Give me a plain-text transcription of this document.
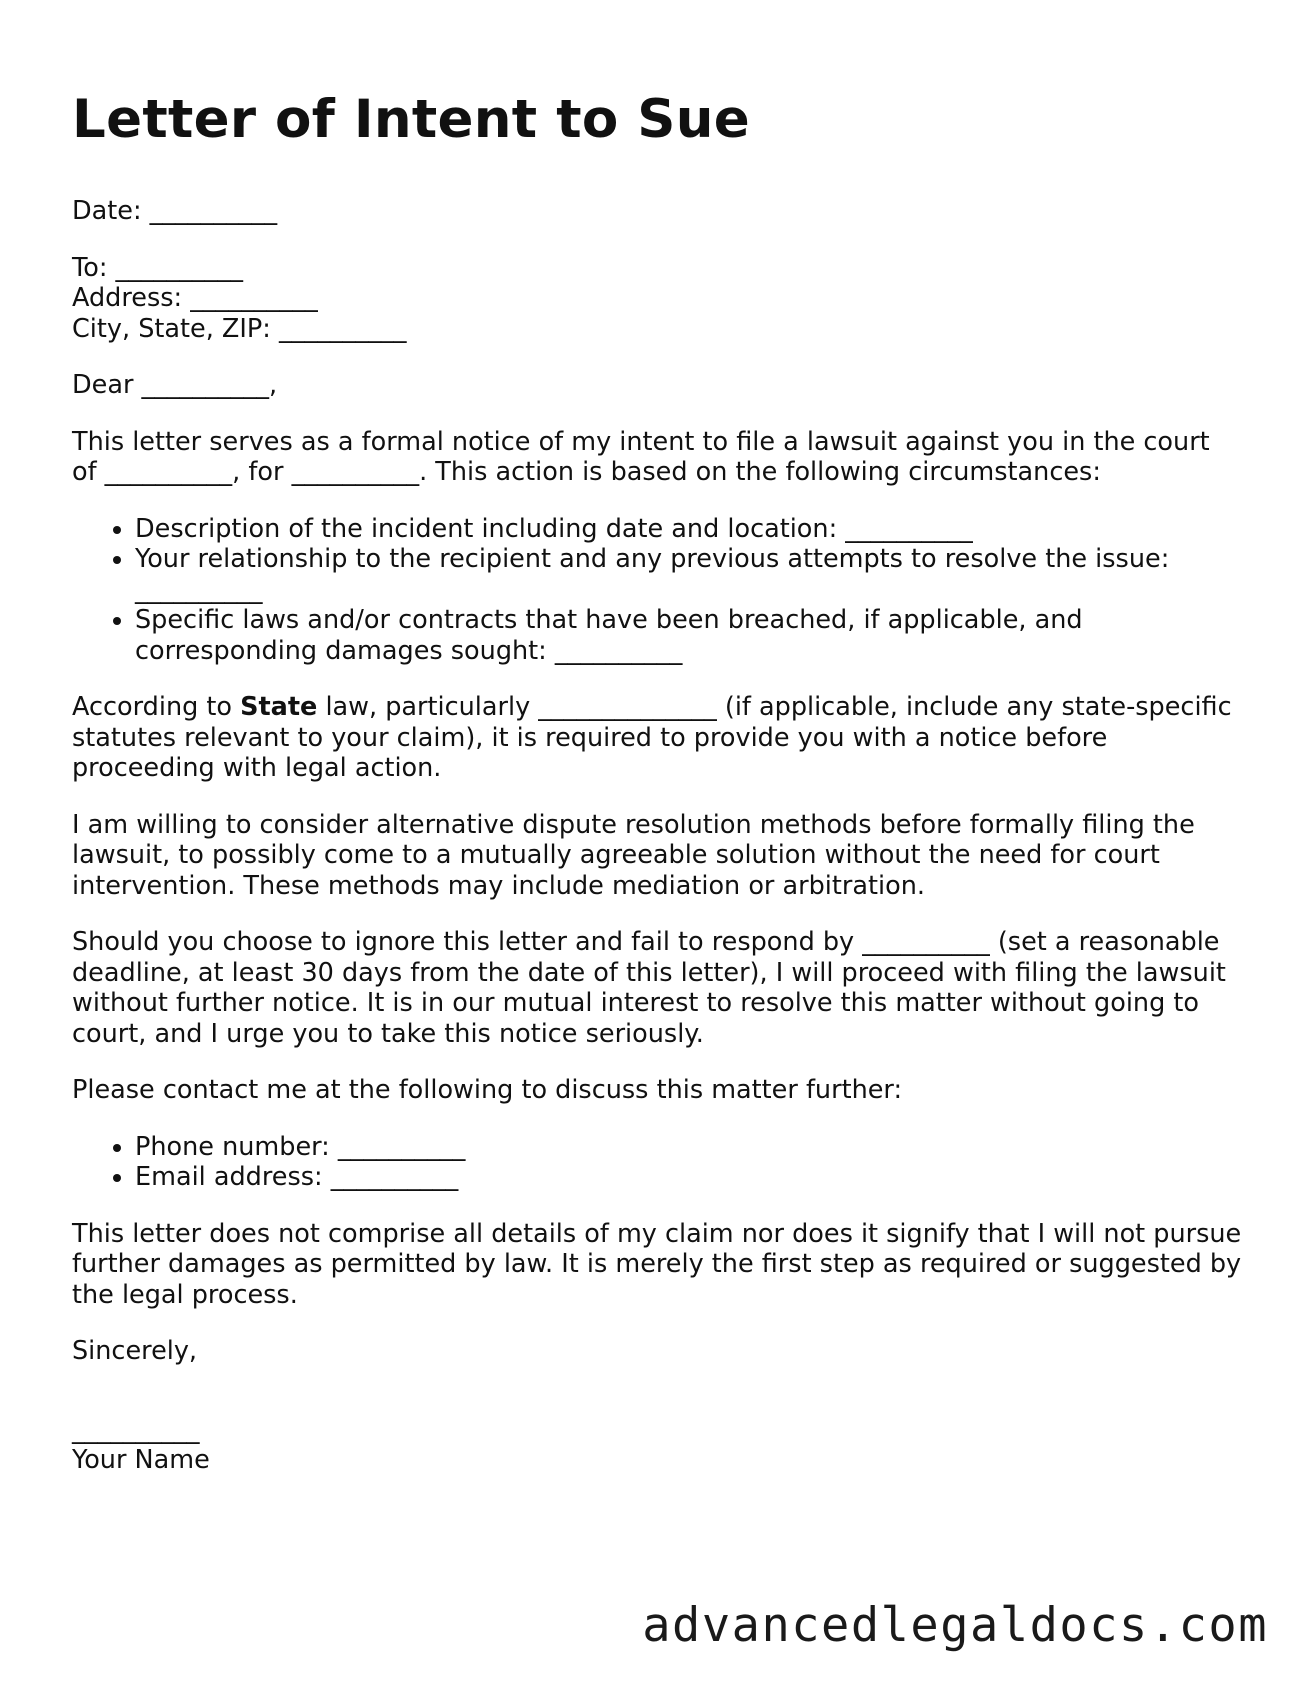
Letter of Intent to Sue

Date: __________

To: __________
Address: __________
City, State, ZIP: __________

Dear __________,

This letter serves as a formal notice of my intent to file a lawsuit against you in the court of __________, for __________. This action is based on the following circumstances:

• Description of the incident including date and location: __________
• Your relationship to the recipient and any previous attempts to resolve the issue: __________
• Specific laws and/or contracts that have been breached, if applicable, and corresponding damages sought: __________

According to State law, particularly ______________ (if applicable, include any state-specific statutes relevant to your claim), it is required to provide you with a notice before proceeding with legal action.

I am willing to consider alternative dispute resolution methods before formally filing the lawsuit, to possibly come to a mutually agreeable solution without the need for court intervention. These methods may include mediation or arbitration.

Should you choose to ignore this letter and fail to respond by __________ (set a reasonable deadline, at least 30 days from the date of this letter), I will proceed with filing the lawsuit without further notice. It is in our mutual interest to resolve this matter without going to court, and I urge you to take this notice seriously.

Please contact me at the following to discuss this matter further:

• Phone number: __________
• Email address: __________

This letter does not comprise all details of my claim nor does it signify that I will not pursue further damages as permitted by law. It is merely the first step as required or suggested by the legal process.

Sincerely,

__________
Your Name
advancedlegaldocs.com
